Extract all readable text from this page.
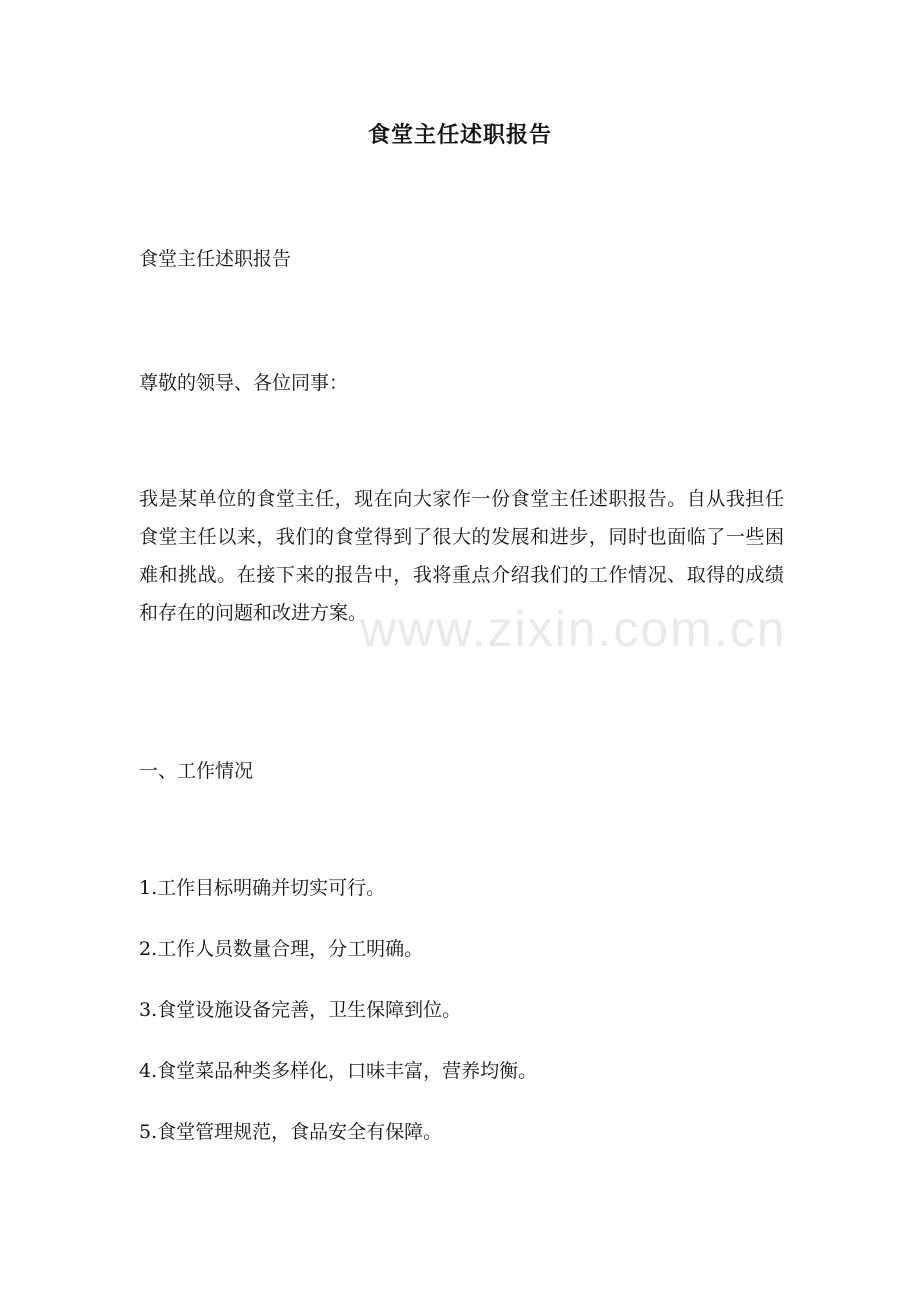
食堂主任述职报告

食堂主任述职报告

尊敬的领导、各位同事：

我是某单位的食堂主任，现在向大家作一份食堂主任述职报告。自从我担任食堂主任以来，我们的食堂得到了很大的发展和进步，同时也面临了一些困难和挑战。在接下来的报告中，我将重点介绍我们的工作情况、取得的成绩和存在的问题和改进方案。

一、工作情况

1.工作目标明确并切实可行。

2.工作人员数量合理，分工明确。

3.食堂设施设备完善，卫生保障到位。

4.食堂菜品种类多样化，口味丰富，营养均衡。

5.食堂管理规范，食品安全有保障。

www.zixin.com.cn
